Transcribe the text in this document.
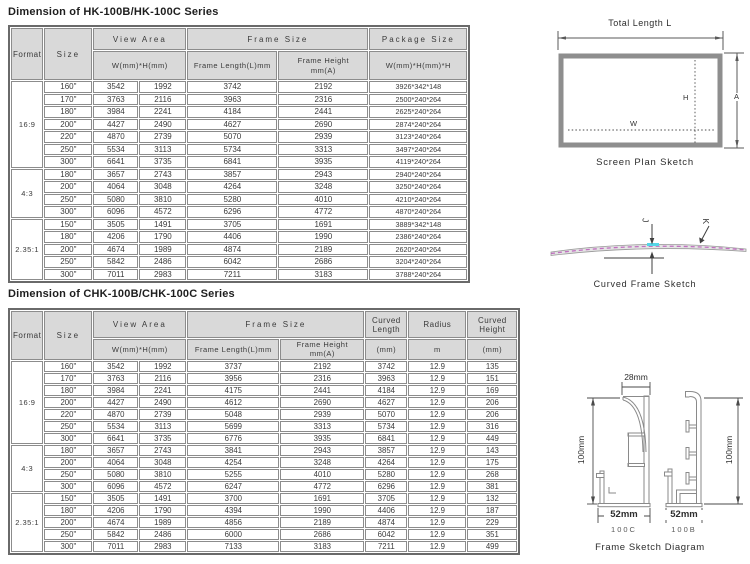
Dimension of HK-100B/HK-100C Series
Dimension of CHK-100B/CHK-100C Series
Format	Size	View Area		Frame Size		Package Size
		W(mm)*H(mm)		Frame Length(L)mm	Frame Height
mm(A)	W(mm)*H(mm)*H
16:9	160"	3542	1992	3742	2192	3926*342*148
	170"	3763	2116	3963	2316	2500*240*264
	180"	3984	2241	4184	2441	2625*240*264
	200"	4427	2490	4627	2690	2874*240*264
	220"	4870	2739	5070	2939	3123*240*264
	250"	5534	3113	5734	3313	3497*240*264
	300"	6641	3735	6841	3935	4119*240*264
4:3	180"	3657	2743	3857	2943	2940*240*264
	200"	4064	3048	4264	3248	3250*240*264
	250"	5080	3810	5280	4010	4210*240*264
	300"	6096	4572	6296	4772	4870*240*264
2.35:1	150"	3505	1491	3705	1691	3889*342*148
	180"	4206	1790	4406	1990	2386*240*264
	200"	4674	1989	4874	2189	2620*240*264
	250"	5842	2486	6042	2686	3204*240*264
	300"	7011	2983	7211	3183	3788*240*264
Format	Size	View Area		Frame Size		Curved Length	Radius	Curved Height
		W(mm)*H(mm)		Frame Length(L)mm	Frame Height
mm(A)	(mm)	m	(mm)
16:9	160"	3542	1992	3737	2192	3742	12.9	135
	170"	3763	2116	3956	2316	3963	12.9	151
	180"	3984	2241	4175	2441	4184	12.9	169
	200"	4427	2490	4612	2690	4627	12.9	206
	220"	4870	2739	5048	2939	5070	12.9	206
	250"	5534	3113	5699	3313	5734	12.9	316
	300"	6641	3735	6776	3935	6841	12.9	449
4:3	180"	3657	2743	3841	2943	3857	12.9	143
	200"	4064	3048	4254	3248	4264	12.9	175
	250"	5080	3810	5255	4010	5280	12.9	268
	300"	6096	4572	6247	4772	6296	12.9	381
2.35:1	150"	3505	1491	3700	1691	3705	12.9	132
	180"	4206	1790	4394	1990	4406	12.9	187
	200"	4674	1989	4856	2189	4874	12.9	229
	250"	5842	2486	6000	2686	6042	12.9	351
	300"	7011	2983	7133	3183	7211	12.9	499
Total Length L
W
H	A
Screen Plan Sketch
J	K
Curved Frame Sketch
28mm
100mm	100mm
52mm	52mm
100C	100B
Frame Sketch Diagram
